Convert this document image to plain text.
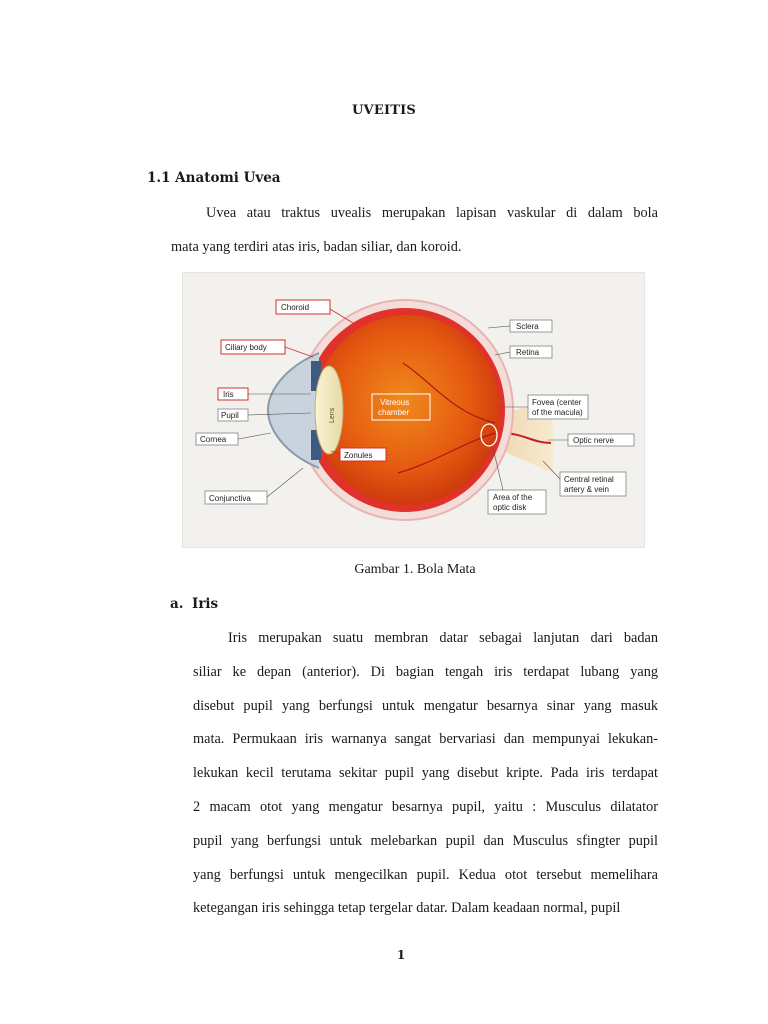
UVEITIS
1.1 Anatomi Uvea

Uvea atau traktus uvealis merupakan lapisan vaskular di dalam bola

mata yang terdiri atas iris, badan siliar, dan koroid.

Lens
Choroid
Ciliary body
Iris
Pupil
Cornea
Conjunctiva
Vitreous
chamber
Zonules
Sclera
Retina
Fovea (center
of the macula)
Optic nerve
Central retinal
artery & vein
Area of the
optic disk
Gambar 1. Bola Mata
a. Iris

Iris merupakan suatu membran datar sebagai lanjutan dari badan

siliar ke depan (anterior). Di bagian tengah iris terdapat lubang yang

disebut pupil yang berfungsi untuk mengatur besarnya sinar yang masuk

mata. Permukaan iris warnanya sangat bervariasi dan mempunyai lekukan-

lekukan kecil terutama sekitar pupil yang disebut kripte. Pada iris terdapat

2 macam otot yang mengatur besarnya pupil, yaitu : Musculus dilatator

pupil yang berfungsi untuk melebarkan pupil dan Musculus sfingter pupil

yang berfungsi untuk mengecilkan pupil. Kedua otot tersebut memelihara

ketegangan iris sehingga tetap tergelar datar. Dalam keadaan normal, pupil

1
